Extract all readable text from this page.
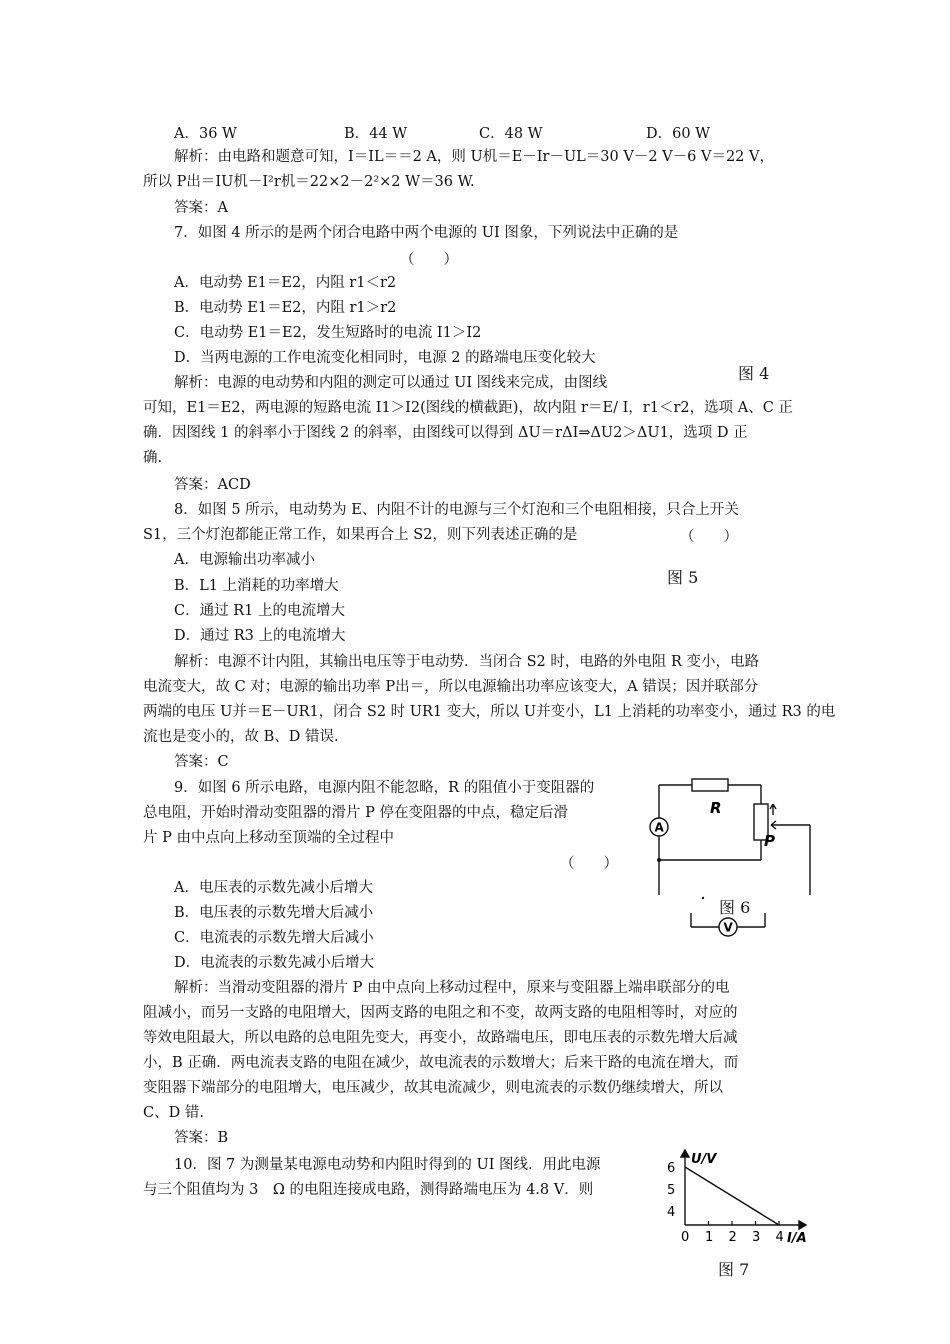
A．36 W	B．44 W	C．48 W	D．60 W
解析：由电路和题意可知，I＝IL＝＝2 A，则 U机＝E－Ir－UL＝30 V－2 V－6 V＝22 V，
所以 P出＝IU机－I²r机＝22×2－2²×2 W＝36 W.
答案：A
7．如图 4 所示的是两个闭合电路中两个电源的 UI 图象，下列说法中正确的是
（　　）
A．电动势 E1＝E2，内阻 r1＜r2
B．电动势 E1＝E2，内阻 r1＞r2
C．电动势 E1＝E2，发生短路时的电流 I1＞I2
D．当两电源的工作电流变化相同时，电源 2 的路端电压变化较大
图 4
解析：电源的电动势和内阻的测定可以通过 UI 图线来完成，由图线
可知，E1＝E2，两电源的短路电流 I1＞I2(图线的横截距)，故内阻 r＝E/ I，r1＜r2，选项 A、C 正
确．因图线 1 的斜率小于图线 2 的斜率，由图线可以得到 ΔU＝rΔI⇒ΔU2＞ΔU1，选项 D 正
确.
答案：ACD
8．如图 5 所示，电动势为 E、内阻不计的电源与三个灯泡和三个电阻相接，只合上开关
S1，三个灯泡都能正常工作，如果再合上 S2，则下列表述正确的是	（　　）
A．电源输出功率减小
图 5
B．L1 上消耗的功率增大
C．通过 R1 上的电流增大
D．通过 R3 上的电流增大
解析：电源不计内阻，其输出电压等于电动势．当闭合 S2 时，电路的外电阻 R 变小，电路
电流变大，故 C 对；电源的输出功率 P出＝，所以电源输出功率应该变大，A 错误；因并联部分
两端的电压 U并＝E－UR1，闭合 S2 时 UR1 变大，所以 U并变小，L1 上消耗的功率变小，通过 R3 的电
流也是变小的，故 B、D 错误.
答案：C
9．如图 6 所示电路，电源内阻不能忽略，R 的阻值小于变阻器的
总电阻，开始时滑动变阻器的滑片 P 停在变阻器的中点，稳定后滑
片 P 由中点向上移动至顶端的全过程中
（　　）
A．电压表的示数先减小后增大
B．电压表的示数先增大后减小
C．电流表的示数先增大后减小
D．电流表的示数先减小后增大
解析：当滑动变阻器的滑片 P 由中点向上移动过程中，原来与变阻器上端串联部分的电
阻减小，而另一支路的电阻增大，因两支路的电阻之和不变，故两支路的电阻相等时，对应的
等效电阻最大，所以电路的总电阻先变大，再变小，故路端电压，即电压表的示数先增大后减
小，B 正确．两电流表支路的电阻在减少，故电流表的示数增大；后来干路的电流在增大，而
变阻器下端部分的电阻增大，电压减少，故其电流减少，则电流表的示数仍继续增大，所以
C、D 错.
答案：B
R
P
A
V
图 6
10．图 7 为测量某电源电动势和内阻时得到的 UI 图线．用此电源
与三个阻值均为 3　Ω 的电阻连接成电路，测得路端电压为 4.8 V．则
0 1 2 3 4
4
5
6
U/V
I/A
图 7
